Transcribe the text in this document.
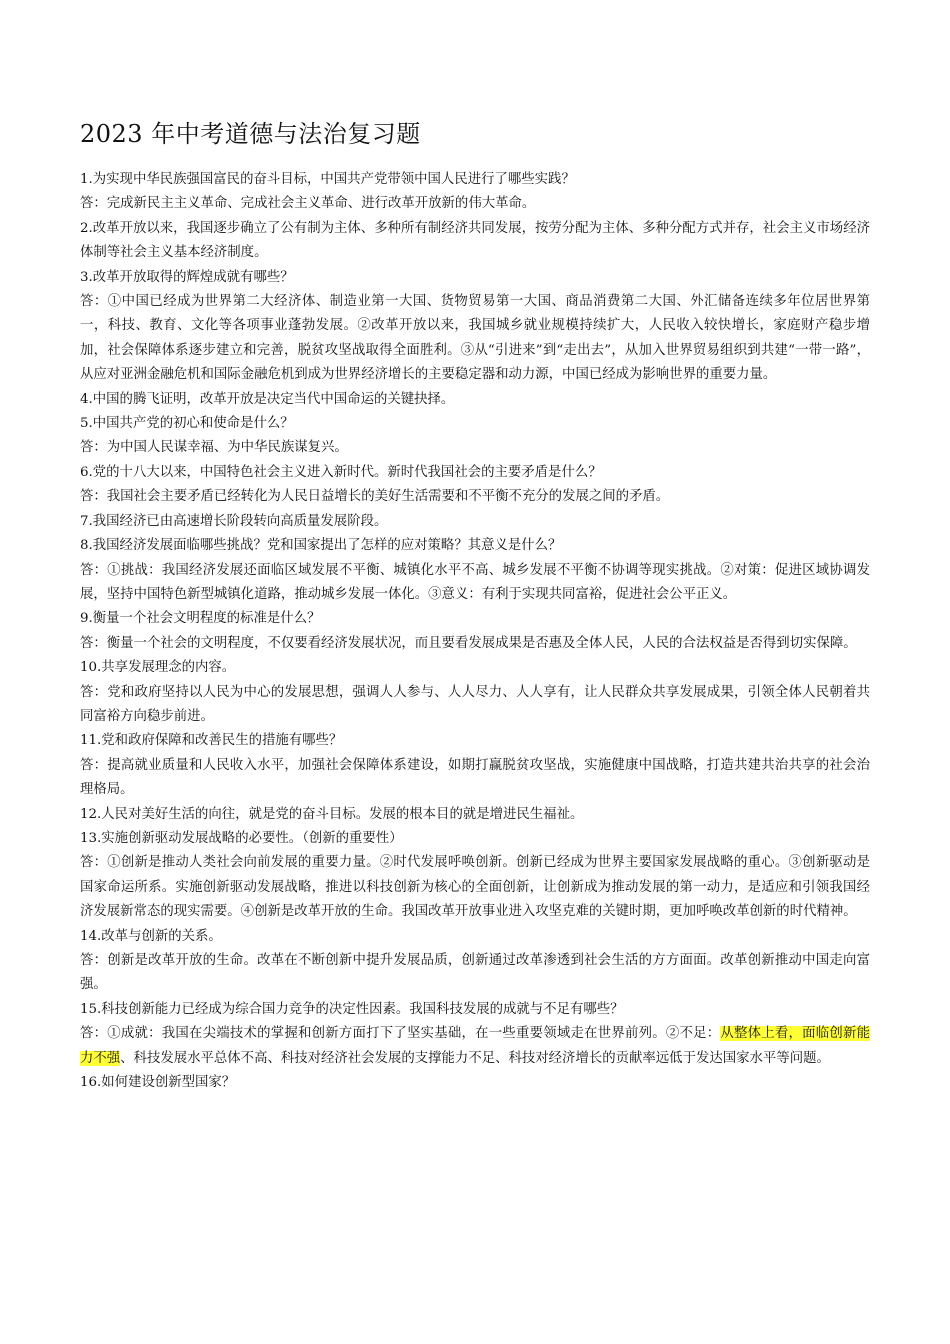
2023 年中考道德与法治复习题

1.为实现中华民族强国富民的奋斗目标，中国共产党带领中国人民进行了哪些实践？

答：完成新民主主义革命、完成社会主义革命、进行改革开放新的伟大革命。

2.改革开放以来，我国逐步确立了公有制为主体、多种所有制经济共同发展，按劳分配为主体、多种分配方式并存，社会主义市场经济体制等社会主义基本经济制度。

3.改革开放取得的辉煌成就有哪些？

答：①中国已经成为世界第二大经济体、制造业第一大国、货物贸易第一大国、商品消费第二大国、外汇储备连续多年位居世界第一，科技、教育、文化等各项事业蓬勃发展。②改革开放以来，我国城乡就业规模持续扩大，人民收入较快增长，家庭财产稳步增加，社会保障体系逐步建立和完善，脱贫攻坚战取得全面胜利。③从“引进来”到“走出去”，从加入世界贸易组织到共建“一带一路”，从应对亚洲金融危机和国际金融危机到成为世界经济增长的主要稳定器和动力源，中国已经成为影响世界的重要力量。

4.中国的腾飞证明，改革开放是决定当代中国命运的关键抉择。

5.中国共产党的初心和使命是什么？

答：为中国人民谋幸福、为中华民族谋复兴。

6.党的十八大以来，中国特色社会主义进入新时代。新时代我国社会的主要矛盾是什么？

答：我国社会主要矛盾已经转化为人民日益增长的美好生活需要和不平衡不充分的发展之间的矛盾。

7.我国经济已由高速增长阶段转向高质量发展阶段。

8.我国经济发展面临哪些挑战？党和国家提出了怎样的应对策略？其意义是什么？

答：①挑战：我国经济发展还面临区域发展不平衡、城镇化水平不高、城乡发展不平衡不协调等现实挑战。②对策：促进区域协调发展，坚持中国特色新型城镇化道路，推动城乡发展一体化。③意义：有利于实现共同富裕，促进社会公平正义。

9.衡量一个社会文明程度的标准是什么？

答：衡量一个社会的文明程度，不仅要看经济发展状况，而且要看发展成果是否惠及全体人民，人民的合法权益是否得到切实保障。

10.共享发展理念的内容。

答：党和政府坚持以人民为中心的发展思想，强调人人参与、人人尽力、人人享有，让人民群众共享发展成果，引领全体人民朝着共同富裕方向稳步前进。

11.党和政府保障和改善民生的措施有哪些？

答：提高就业质量和人民收入水平，加强社会保障体系建设，如期打赢脱贫攻坚战，实施健康中国战略，打造共建共治共享的社会治理格局。

12.人民对美好生活的向往，就是党的奋斗目标。发展的根本目的就是增进民生福祉。

13.实施创新驱动发展战略的必要性。（创新的重要性）

答：①创新是推动人类社会向前发展的重要力量。②时代发展呼唤创新。创新已经成为世界主要国家发展战略的重心。③创新驱动是国家命运所系。实施创新驱动发展战略，推进以科技创新为核心的全面创新，让创新成为推动发展的第一动力，是适应和引领我国经济发展新常态的现实需要。④创新是改革开放的生命。我国改革开放事业进入攻坚克难的关键时期，更加呼唤改革创新的时代精神。

14.改革与创新的关系。

答：创新是改革开放的生命。改革在不断创新中提升发展品质，创新通过改革渗透到社会生活的方方面面。改革创新推动中国走向富强。

15.科技创新能力已经成为综合国力竞争的决定性因素。我国科技发展的成就与不足有哪些？

答：①成就：我国在尖端技术的掌握和创新方面打下了坚实基础，在一些重要领域走在世界前列。②不足：从整体上看，面临创新能力不强、科技发展水平总体不高、科技对经济社会发展的支撑能力不足、科技对经济增长的贡献率远低于发达国家水平等问题。

16.如何建设创新型国家？
